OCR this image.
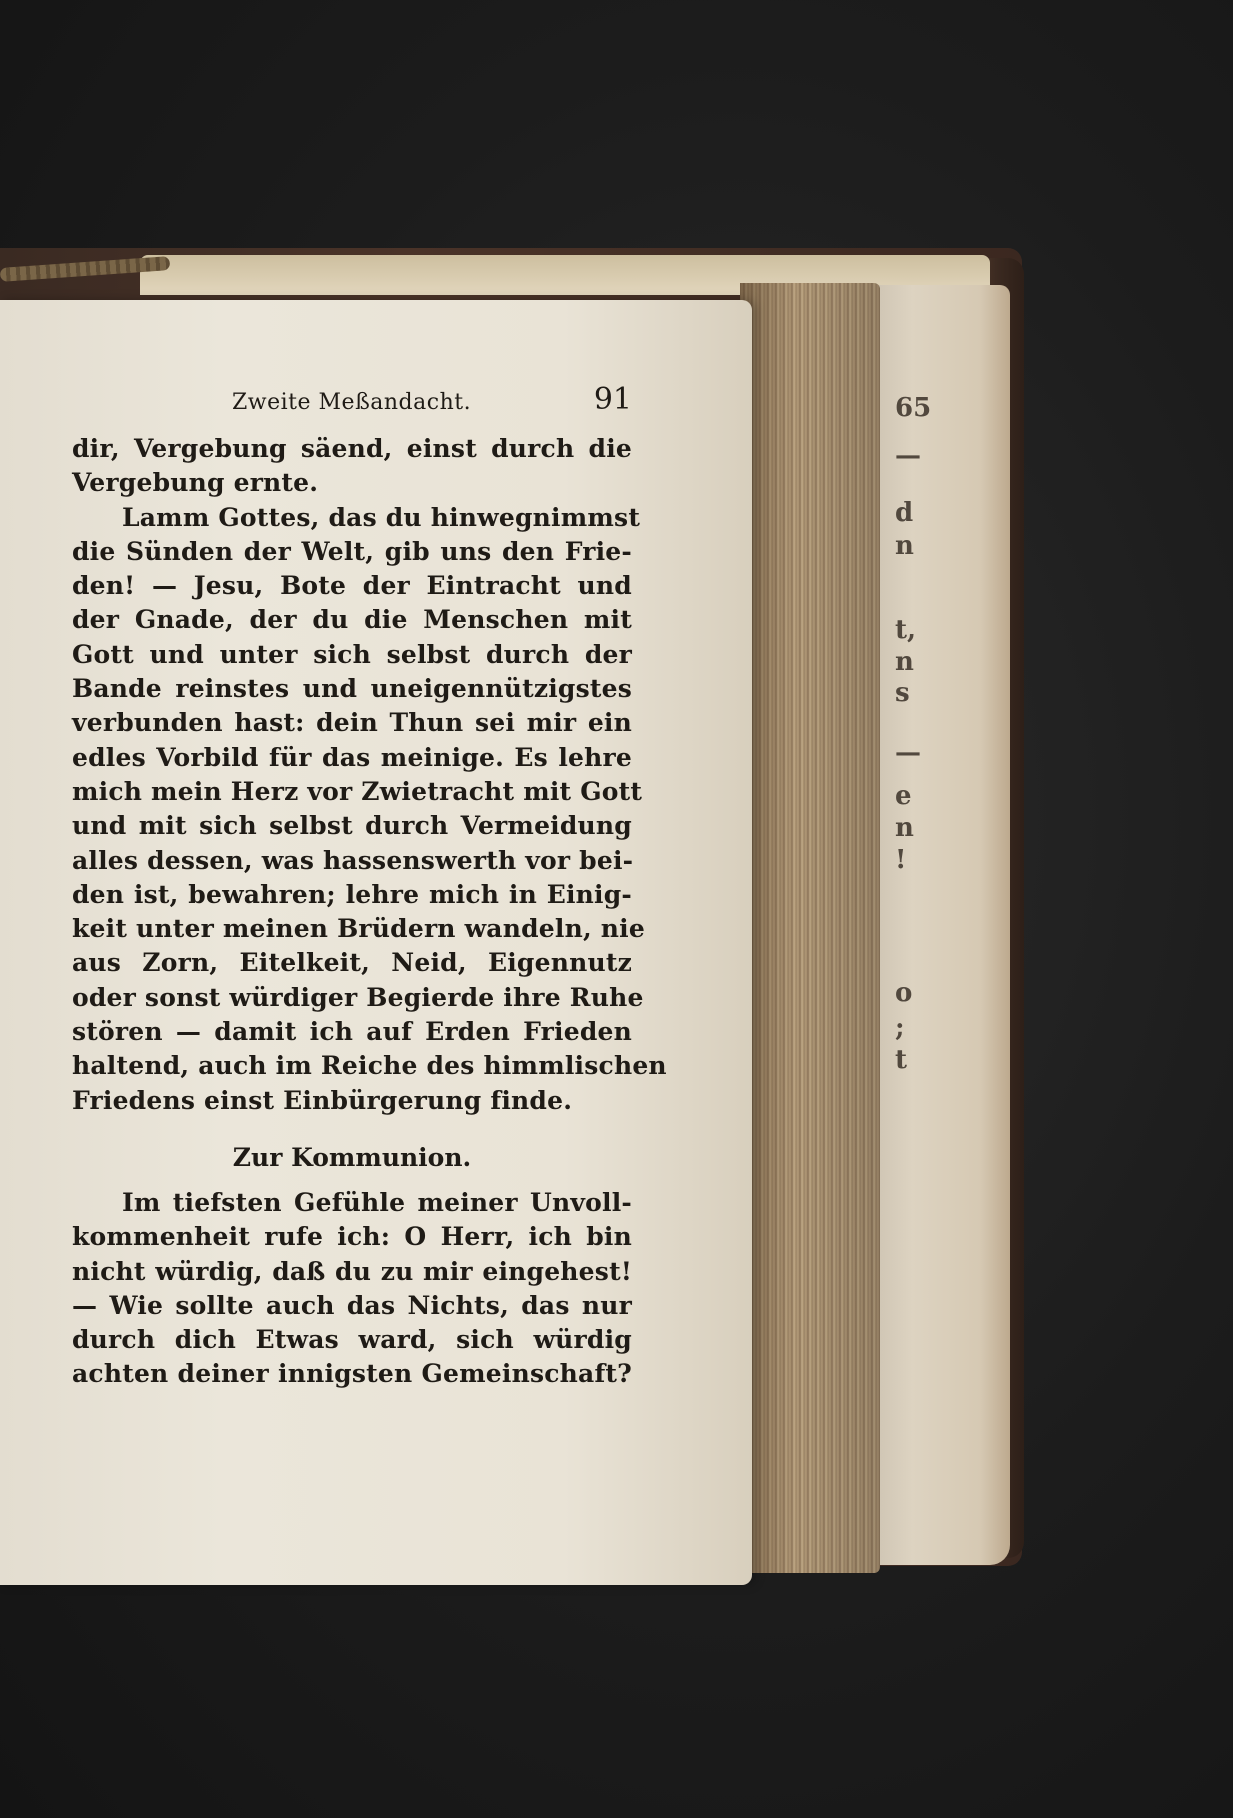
65
—
d
n
t,
n
s
—
e
n
!
o
;
t
Zweite Meßandacht.	91
dir, Vergebung säend, einst durch die
Vergebung ernte.
Lamm Gottes, das du hinwegnimmst
die Sünden der Welt, gib uns den Frie-
den! — Jesu, Bote der Eintracht und
der Gnade, der du die Menschen mit
Gott und unter sich selbst durch der
Bande reinstes und uneigennützigstes
verbunden hast: dein Thun sei mir ein
edles Vorbild für das meinige. Es lehre
mich mein Herz vor Zwietracht mit Gott
und mit sich selbst durch Vermeidung
alles dessen, was hassenswerth vor bei-
den ist, bewahren; lehre mich in Einig-
keit unter meinen Brüdern wandeln, nie
aus Zorn, Eitelkeit, Neid, Eigennutz
oder sonst würdiger Begierde ihre Ruhe
stören — damit ich auf Erden Frieden
haltend, auch im Reiche des himmlischen
Friedens einst Einbürgerung finde.
Zur Kommunion.
Im tiefsten Gefühle meiner Unvoll-
kommenheit rufe ich: O Herr, ich bin
nicht würdig, daß du zu mir eingehest!
— Wie sollte auch das Nichts, das nur
durch dich Etwas ward, sich würdig
achten deiner innigsten Gemeinschaft?
